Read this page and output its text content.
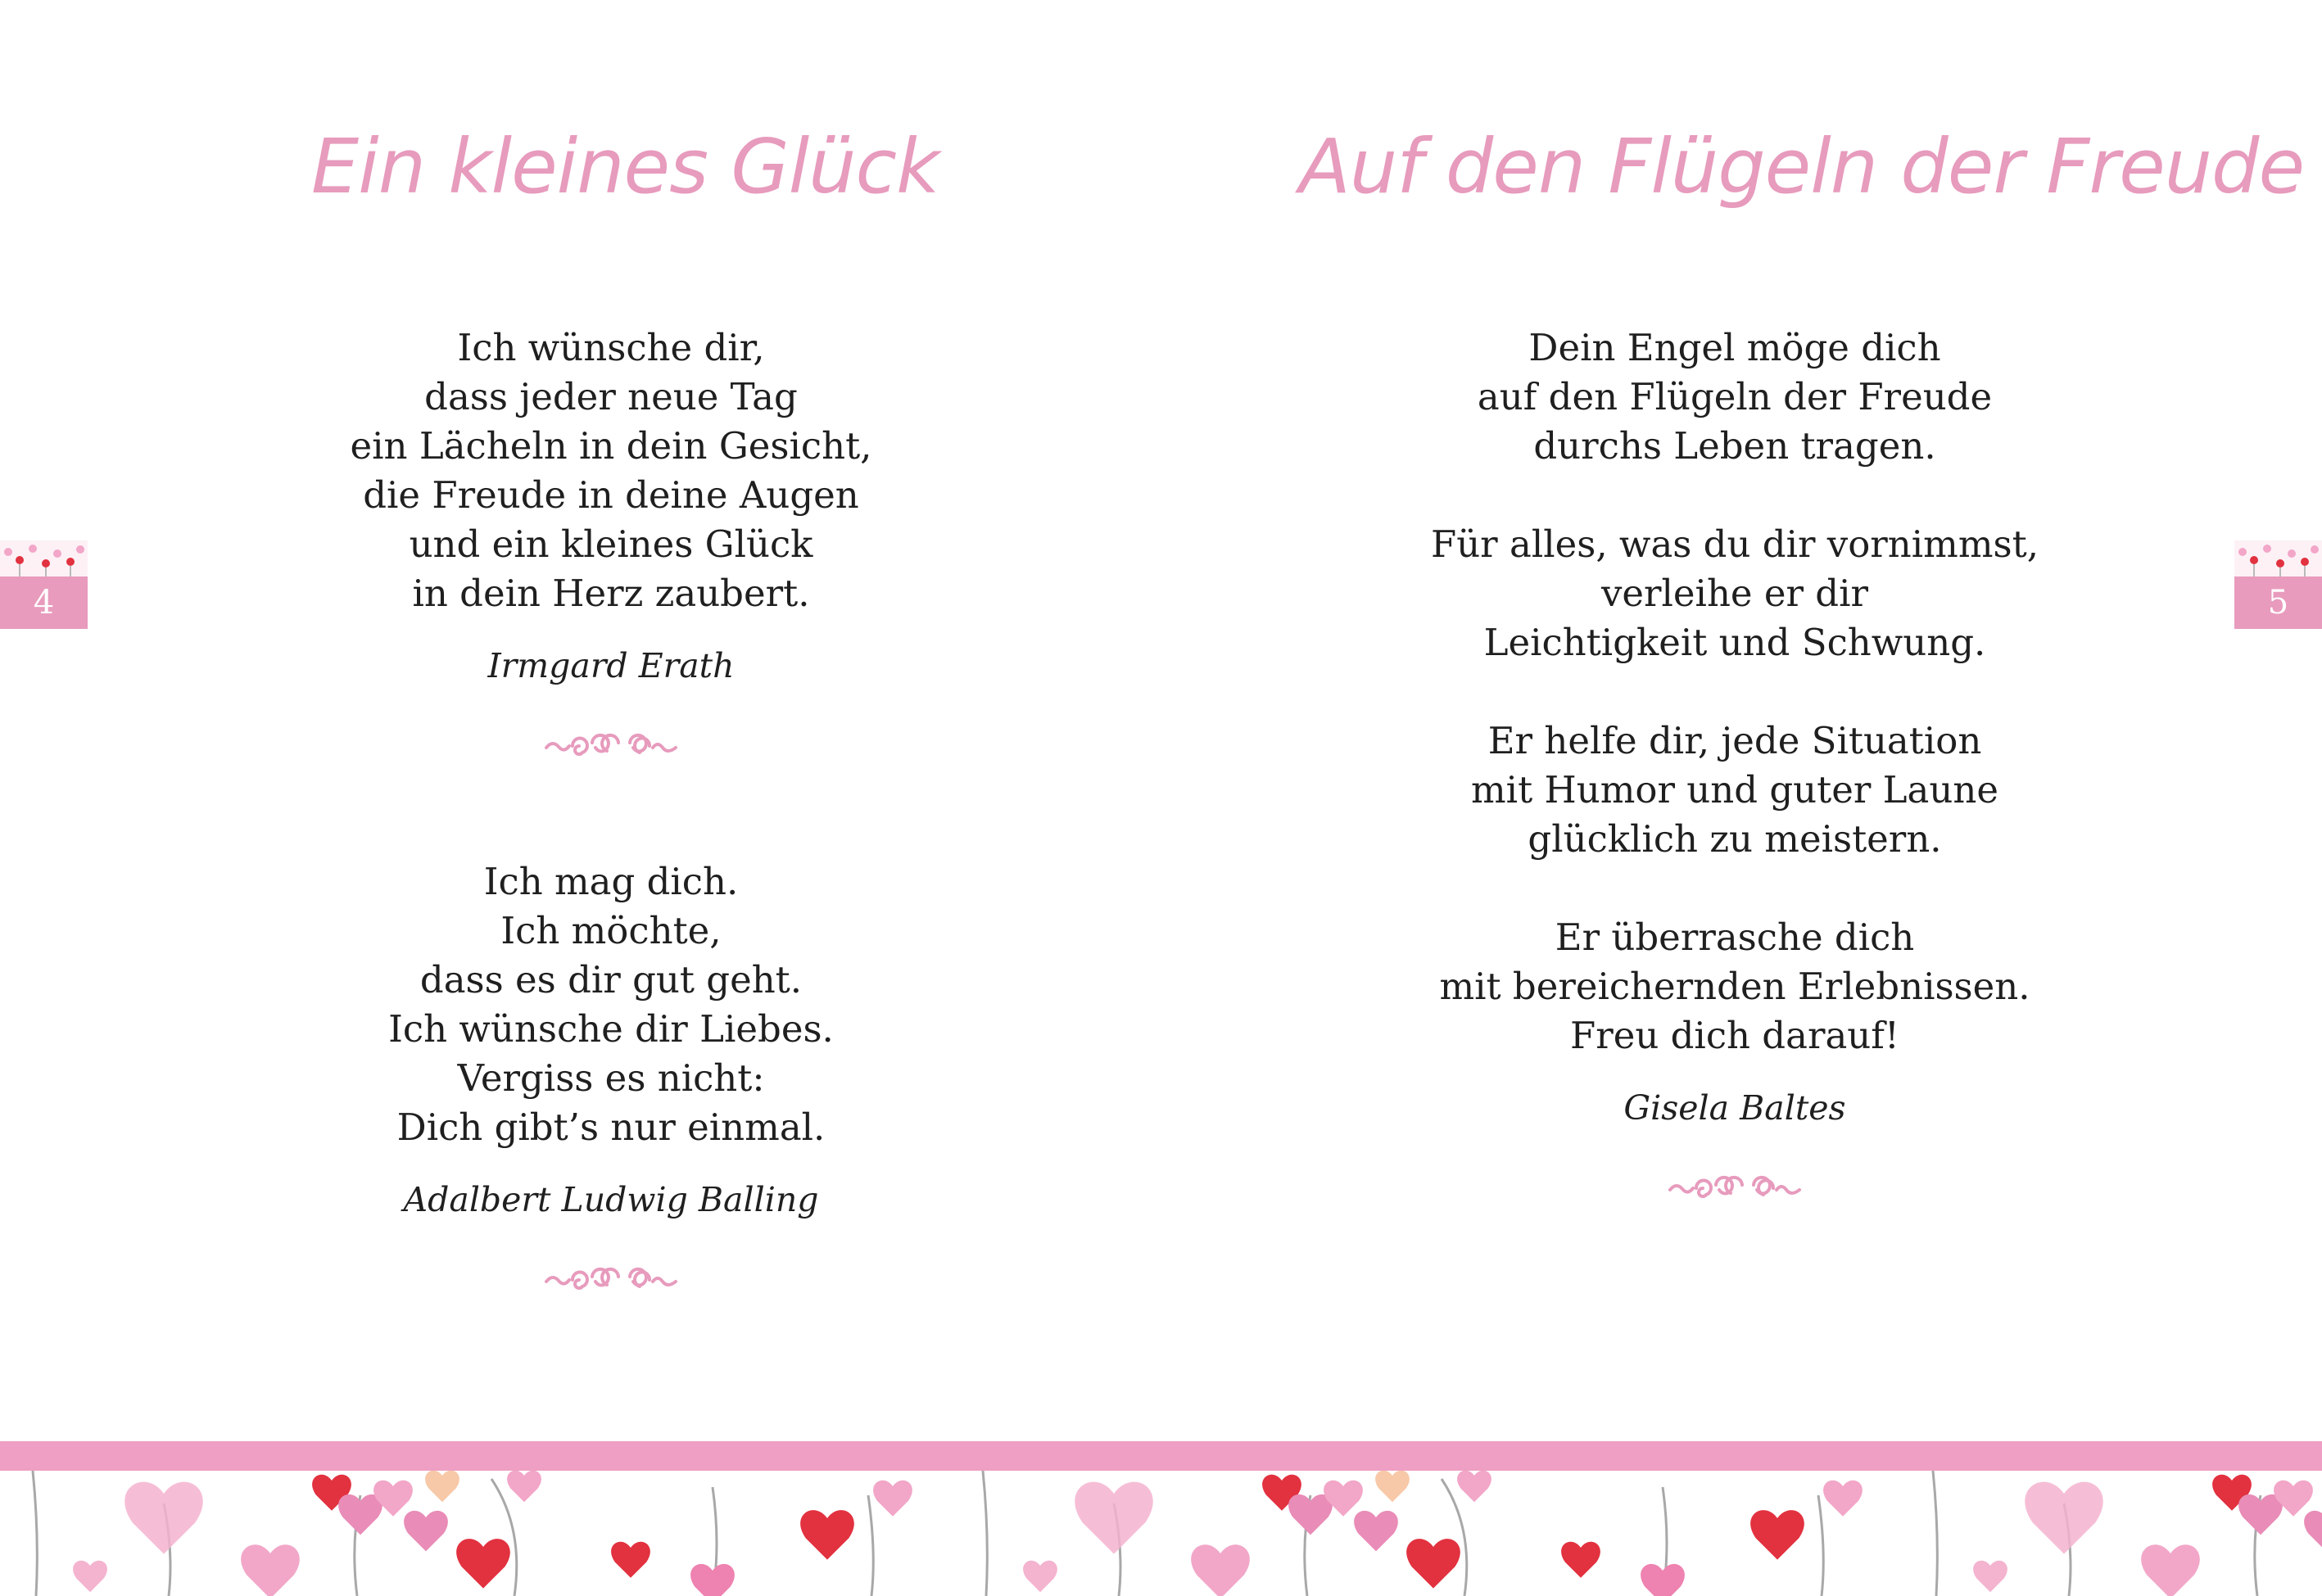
Ein kleines Glück

Ich wünsche dir,
dass jeder neue Tag
ein Lächeln in dein Gesicht,
die Freude in deine Augen
und ein kleines Glück
in dein Herz zaubert.

Irmgard Erath

Ich mag dich.
Ich möchte,
dass es dir gut geht.
Ich wünsche dir Liebes.
Vergiss es nicht:
Dich gibt’s nur einmal.

Adalbert Ludwig Balling
Auf den Flügeln der Freude

Dein Engel möge dich
auf den Flügeln der Freude
durchs Leben tragen.

Für alles, was du dir vornimmst,
verleihe er dir
Leichtigkeit und Schwung.

Er helfe dir, jede Situation
mit Humor und guter Laune
glücklich zu meistern.

Er überrasche dich
mit bereichernden Erlebnissen.
Freu dich darauf!

Gisela Baltes
4	5
